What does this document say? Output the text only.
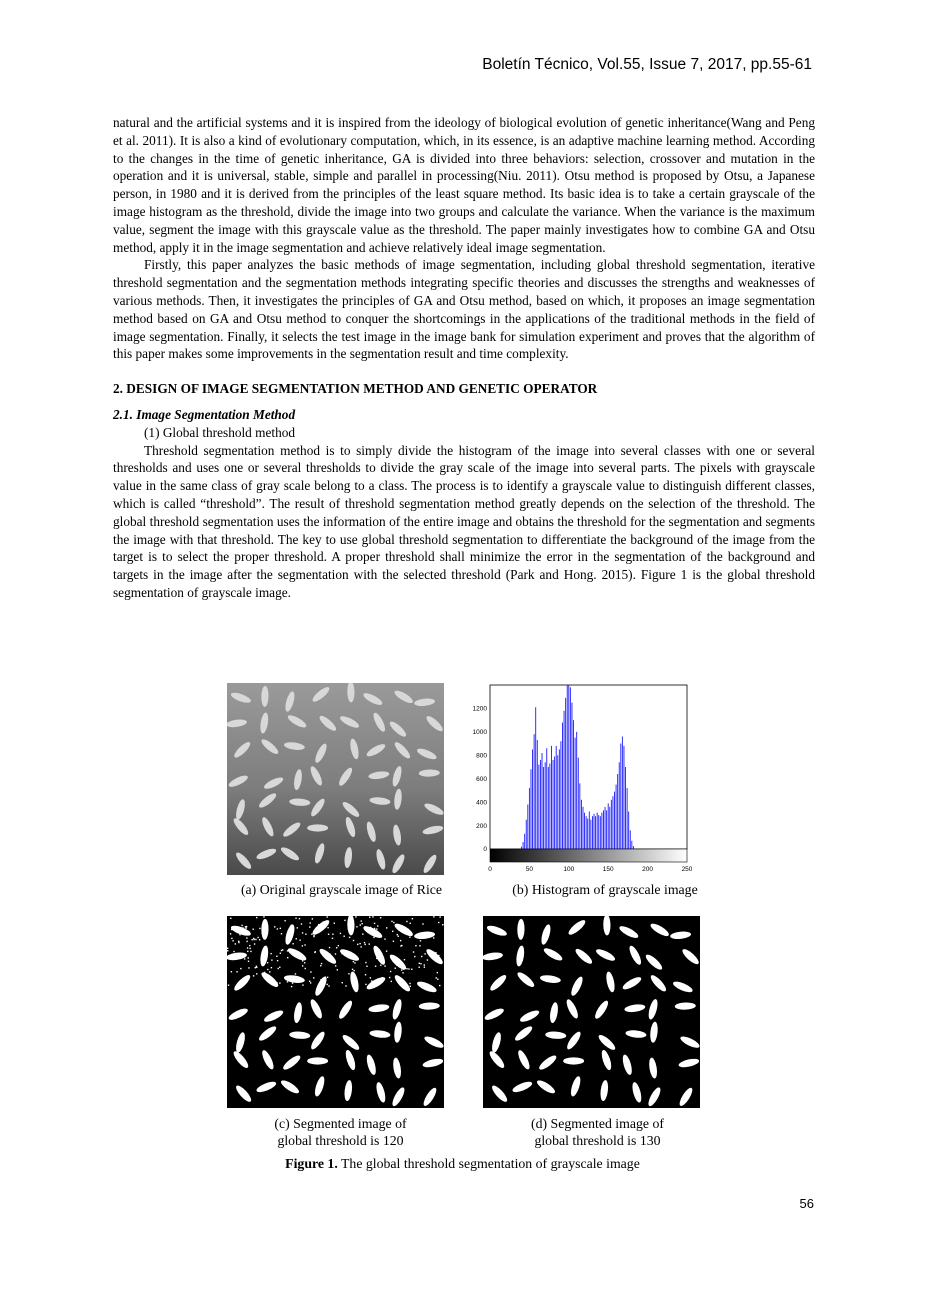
Boletín Técnico, Vol.55, Issue 7, 2017, pp.55-61

natural and the artificial systems and it is inspired from the ideology of biological evolution of genetic inheritance(Wang and Peng et al. 2011). It is also a kind of evolutionary computation, which, in its essence, is an adaptive machine learning method. According to the changes in the time of genetic inheritance, GA is divided into three behaviors: selection, crossover and mutation in the operation and it is universal, stable, simple and parallel in processing(Niu. 2011). Otsu method is proposed by Otsu, a Japanese person, in 1980 and it is derived from the principles of the least square method. Its basic idea is to take a certain grayscale of the image histogram as the threshold, divide the image into two groups and calculate the variance. When the variance is the maximum value, segment the image with this grayscale value as the threshold. The paper mainly investigates how to combine GA and Otsu method, apply it in the image segmentation and achieve relatively ideal image segmentation.

Firstly, this paper analyzes the basic methods of image segmentation, including global threshold segmentation, iterative threshold segmentation and the segmentation methods integrating specific theories and discusses the strengths and weaknesses of various methods. Then, it investigates the principles of GA and Otsu method, based on which, it proposes an image segmentation method based on GA and Otsu method to conquer the shortcomings in the applications of the traditional methods in the field of image segmentation. Finally, it selects the test image in the image bank for simulation experiment and proves that the algorithm of this paper makes some improvements in the segmentation result and time complexity.

2. DESIGN OF IMAGE SEGMENTATION METHOD AND GENETIC OPERATOR

2.1. Image Segmentation Method

(1) Global threshold method

Threshold segmentation method is to simply divide the histogram of the image into several classes with one or several thresholds and uses one or several thresholds to divide the gray scale of the image into several parts. The pixels with grayscale value in the same class of gray scale belong to a class. The process is to identify a grayscale value to distinguish different classes, which is called “threshold”. The result of threshold segmentation method greatly depends on the selection of the threshold. The global threshold segmentation uses the information of the entire image and obtains the threshold for the segmentation and segments the image with that threshold. The key to use global threshold segmentation to differentiate the background of the image from the target is to select the proper threshold. A proper threshold shall minimize the error in the segmentation of the background and targets in the image after the segmentation with the selected threshold (Park and Hong. 2015). Figure 1 is the global threshold segmentation of grayscale image.

0
200
400
600
800
1000
1200
0	50	100	150	200	250
(a) Original grayscale image of Rice	(b) Histogram of grayscale image
(c) Segmented image of
global threshold is 120
(d) Segmented image of
global threshold is 130
Figure 1. The global threshold segmentation of grayscale image
56
